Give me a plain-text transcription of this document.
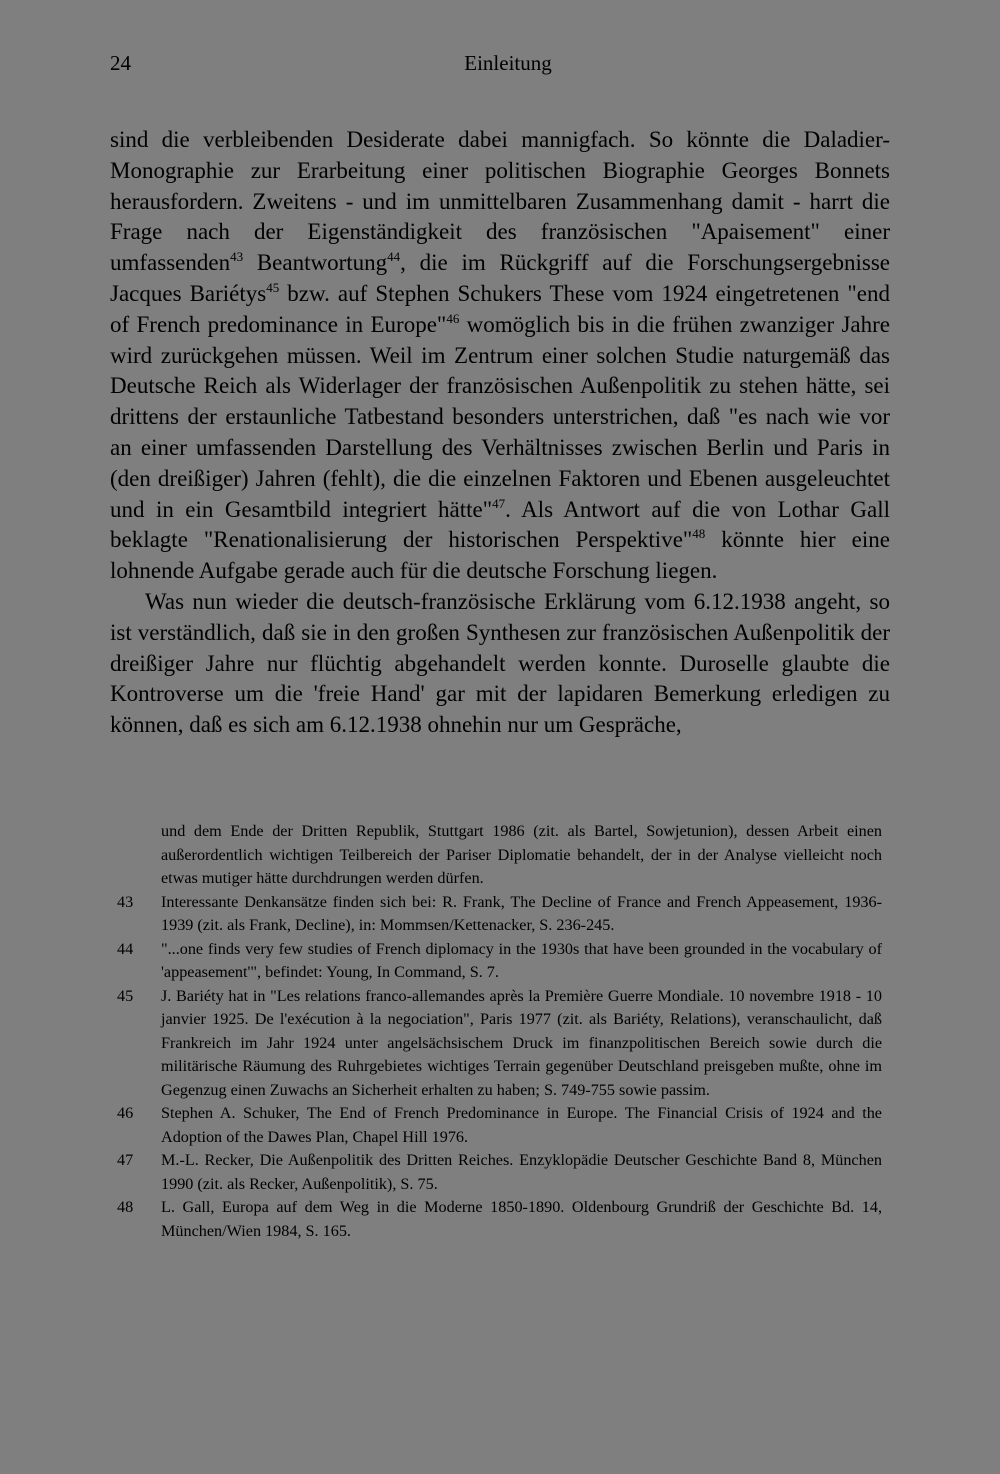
24	Einleitung

sind die verbleibenden Desiderate dabei mannigfach. So könnte die Daladier-Monographie zur Erarbeitung einer politischen Biographie Georges Bonnets herausfordern. Zweitens - und im unmittelbaren Zusammenhang damit - harrt die Frage nach der Eigenständigkeit des französischen "Apaisement" einer umfassenden$^{43}$ Beantwortung$^{44}$, die im Rückgriff auf die Forschungsergebnisse Jacques Bariétys$^{45}$ bzw. auf Stephen Schukers These vom 1924 eingetretenen "end of French predominance in Europe"$^{46}$ womöglich bis in die frühen zwanziger Jahre wird zurückgehen müssen. Weil im Zentrum einer solchen Studie naturgemäß das Deutsche Reich als Widerlager der französischen Außenpolitik zu stehen hätte, sei drittens der erstaunliche Tatbestand besonders unterstrichen, daß "es nach wie vor an einer umfassenden Darstellung des Verhältnisses zwischen Berlin und Paris in (den dreißiger) Jahren (fehlt), die die einzelnen Faktoren und Ebenen ausgeleuchtet und in ein Gesamtbild integriert hätte"$^{47}$. Als Antwort auf die von Lothar Gall beklagte "Renationalisierung der historischen Perspektive"$^{48}$ könnte hier eine lohnende Aufgabe gerade auch für die deutsche Forschung liegen.

Was nun wieder die deutsch-französische Erklärung vom 6.12.1938 angeht, so ist verständlich, daß sie in den großen Synthesen zur französischen Außenpolitik der dreißiger Jahre nur flüchtig abgehandelt werden konnte. Duroselle glaubte die Kontroverse um die 'freie Hand' gar mit der lapidaren Bemerkung erledigen zu können, daß es sich am 6.12.1938 ohnehin nur um Gespräche,

und dem Ende der Dritten Republik, Stuttgart 1986 (zit. als Bartel, Sowjetunion), dessen Arbeit einen außerordentlich wichtigen Teilbereich der Pariser Diplomatie behandelt, der in der Analyse vielleicht noch etwas mutiger hätte durchdrungen werden dürfen.

43 Interessante Denkansätze finden sich bei: R. Frank, The Decline of France and French Appeasement, 1936-1939 (zit. als Frank, Decline), in: Mommsen/Kettenacker, S. 236-245.

44 "...one finds very few studies of French diplomacy in the 1930s that have been grounded in the vocabulary of 'appeasement'", befindet: Young, In Command, S. 7.

45 J. Bariéty hat in "Les relations franco-allemandes après la Première Guerre Mondiale. 10 novembre 1918 - 10 janvier 1925. De l'exécution à la negociation", Paris 1977 (zit. als Bariéty, Relations), veranschaulicht, daß Frankreich im Jahr 1924 unter angelsächsischem Druck im finanzpolitischen Bereich sowie durch die militärische Räumung des Ruhrgebietes wichtiges Terrain gegenüber Deutschland preisgeben mußte, ohne im Gegenzug einen Zuwachs an Sicherheit erhalten zu haben; S. 749-755 sowie passim.

46 Stephen A. Schuker, The End of French Predominance in Europe. The Financial Crisis of 1924 and the Adoption of the Dawes Plan, Chapel Hill 1976.

47 M.-L. Recker, Die Außenpolitik des Dritten Reiches. Enzyklopädie Deutscher Geschichte Band 8, München 1990 (zit. als Recker, Außenpolitik), S. 75.

48 L. Gall, Europa auf dem Weg in die Moderne 1850-1890. Oldenbourg Grundriß der Geschichte Bd. 14, München/Wien 1984, S. 165.
